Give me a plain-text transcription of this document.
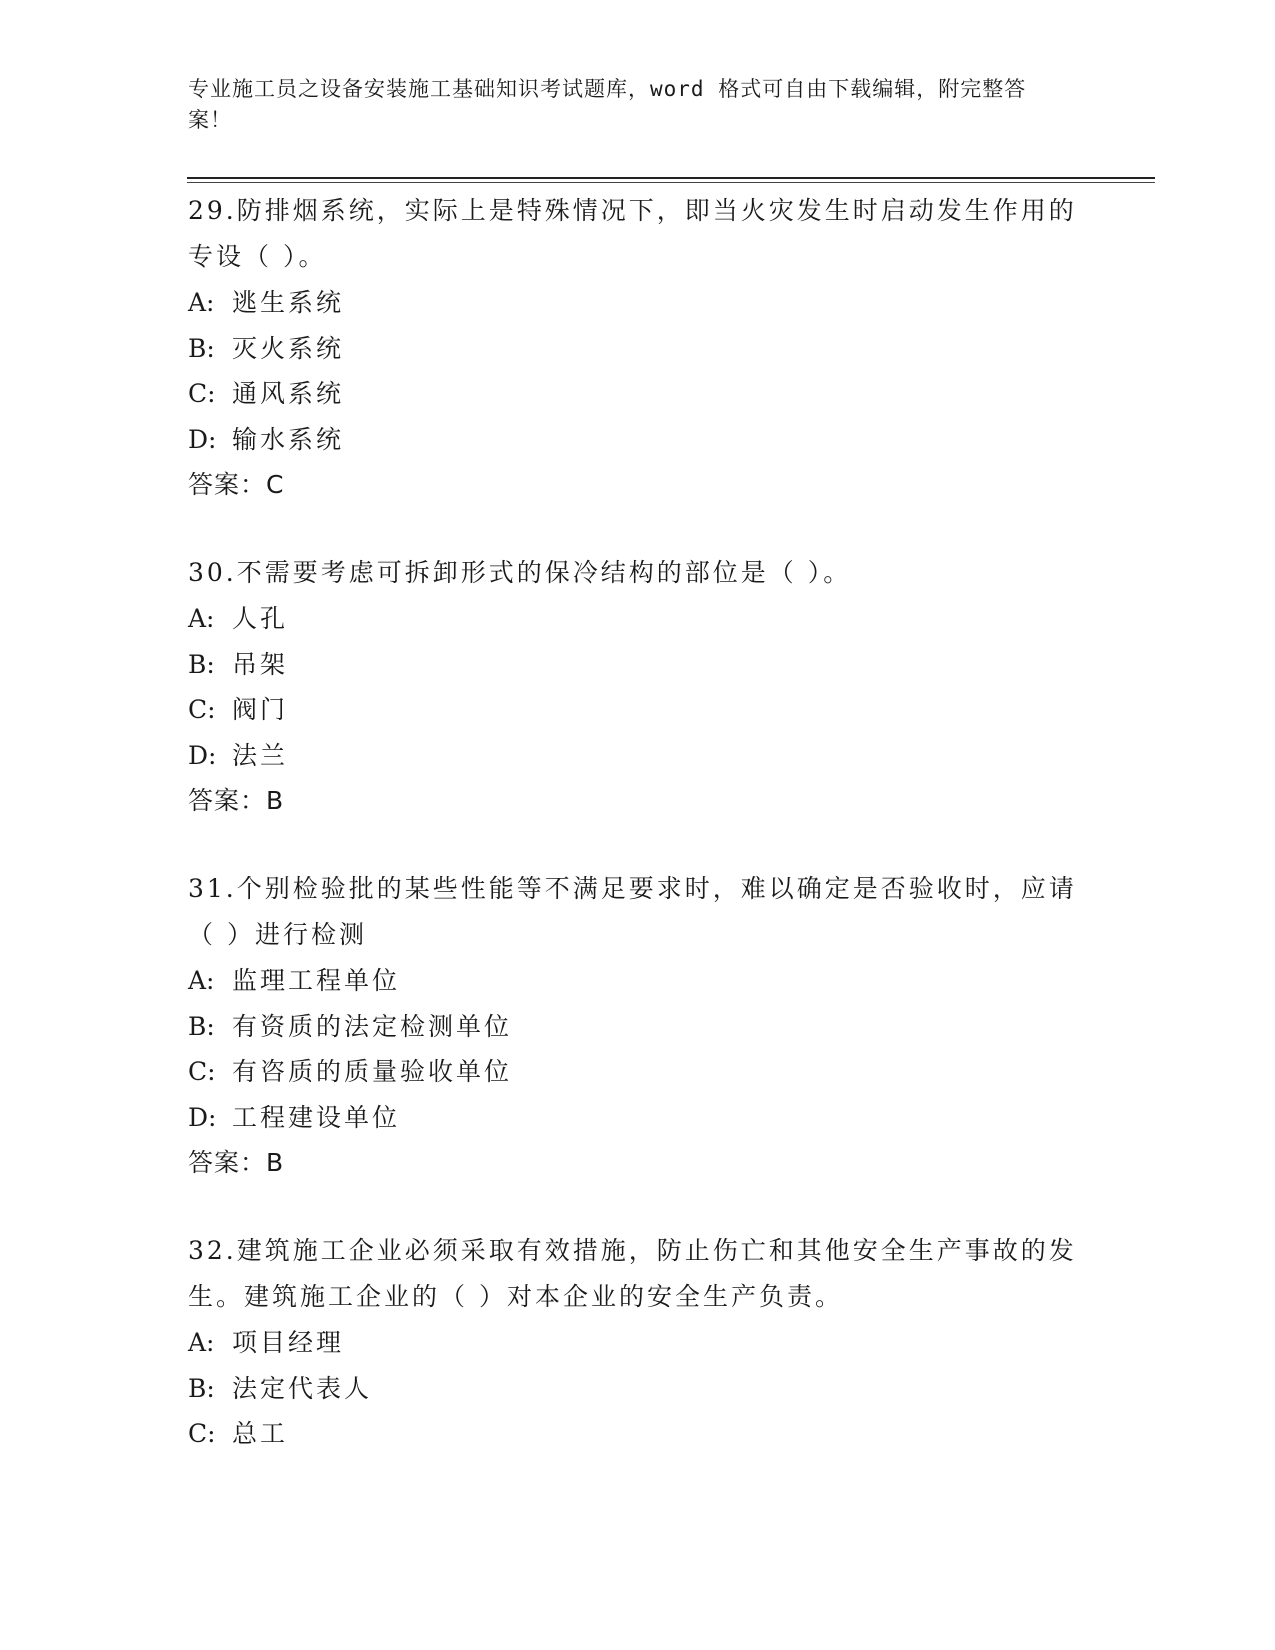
专业施工员之设备安装施工基础知识考试题库，word 格式可自由下载编辑，附完整答案！
29.防排烟系统，实际上是特殊情况下，即当火灾发生时启动发生作用的专设（ ）。
A: 逃生系统
B: 灭火系统
C: 通风系统
D: 输水系统
答案：C
30.不需要考虑可拆卸形式的保冷结构的部位是（ ）。
A: 人孔
B: 吊架
C: 阀门
D: 法兰
答案：B
31.个别检验批的某些性能等不满足要求时，难以确定是否验收时，应请（ ）进行检测
A: 监理工程单位
B: 有资质的法定检测单位
C: 有咨质的质量验收单位
D: 工程建设单位
答案：B
32.建筑施工企业必须采取有效措施，防止伤亡和其他安全生产事故的发生。建筑施工企业的（ ）对本企业的安全生产负责。
A: 项目经理
B: 法定代表人
C: 总工
